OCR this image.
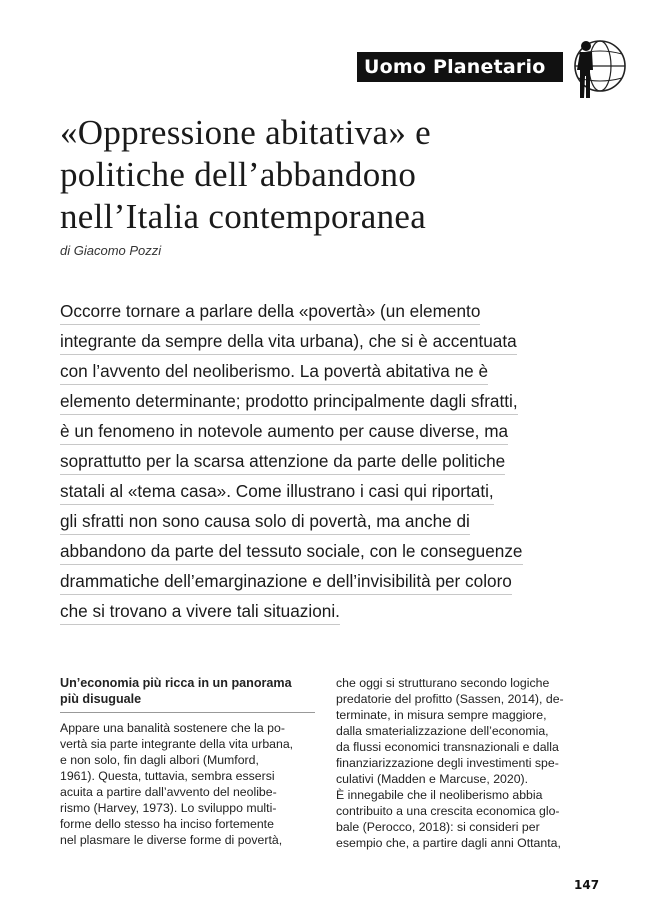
Uomo Planetario
«Oppressione abitativa» e
politiche dell’abbandono
nell’Italia contemporanea
di Giacomo Pozzi
Occorre tornare a parlare della «povertà» (un elemento
integrante da sempre della vita urbana), che si è accentuata
con l’avvento del neoliberismo. La povertà abitativa ne è
elemento determinante; prodotto principalmente dagli sfratti,
è un fenomeno in notevole aumento per cause diverse, ma
soprattutto per la scarsa attenzione da parte delle politiche
statali al «tema casa». Come illustrano i casi qui riportati,
gli sfratti non sono causa solo di povertà, ma anche di
abbandono da parte del tessuto sociale, con le conseguenze
drammatiche dell’emarginazione e dell’invisibilità per coloro
che si trovano a vivere tali situazioni.
Un’economia più ricca in un panorama
più disuguale

Appare una banalità sostenere che la po-
vertà sia parte integrante della vita urbana,
e non solo, fin dagli albori (Mumford,
1961). Questa, tuttavia, sembra essersi
acuita a partire dall’avvento del neolibe-
rismo (Harvey, 1973). Lo sviluppo multi-
forme dello stesso ha inciso fortemente
nel plasmare le diverse forme di povertà,

che oggi si strutturano secondo logiche
predatorie del profitto (Sassen, 2014), de-
terminate, in misura sempre maggiore,
dalla smaterializzazione dell’economia,
da flussi economici transnazionali e dalla
finanziarizzazione degli investimenti spe-
culativi (Madden e Marcuse, 2020).

È innegabile che il neoliberismo abbia
contribuito a una crescita economica glo-
bale (Perocco, 2018): si consideri per
esempio che, a partire dagli anni Ottanta,

147
